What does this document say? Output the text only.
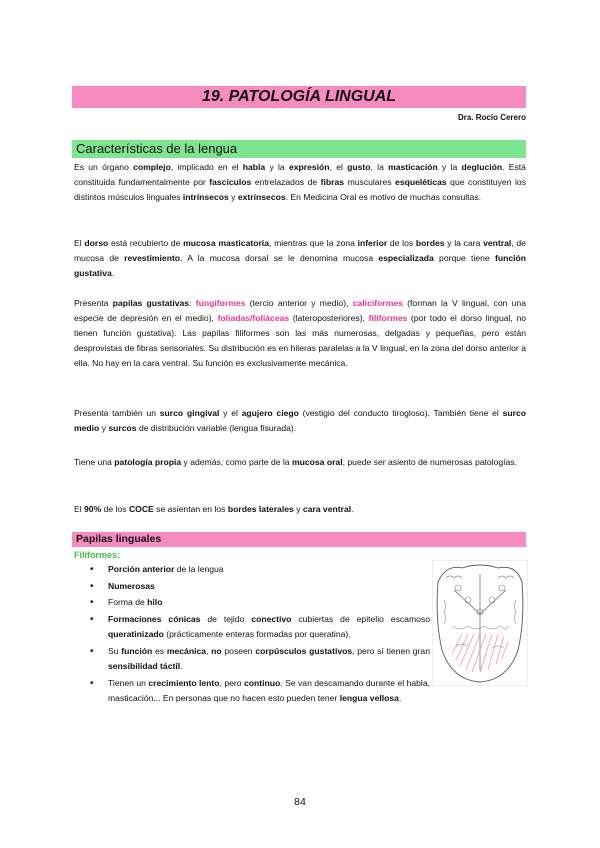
19. PATOLOGÍA LINGUAL
Dra. Rocío Cerero
Características de la lengua
Es un órgano complejo, implicado en el habla y la expresión, el gusto, la masticación y la deglución. Está constituida fundamentalmente por fascículos entrelazados de fibras musculares esqueléticas que constituyen los distintos músculos linguales intrínsecos y extrínsecos. En Medicina Oral es motivo de muchas consultas.
El dorso está recubierto de mucosa masticatoria, mientras que la zona inferior de los bordes y la cara ventral, de mucosa de revestimiento. A la mucosa dorsal se le denomina mucosa especializada porque tiene función gustativa.
Presenta papilas gustativas: fungiformes (tercio anterior y medio), caliciformes (forman la V lingual, con una especie de depresión en el medio), foliadas/foliáceas (lateroposteriores), filiformes (por todo el dorso lingual, no tienen función gustativa). Las papilas filiformes son las más numerosas, delgadas y pequeñas, pero están desprovistas de fibras sensoriales. Su distribución es en hileras paralelas a la V lingual, en la zona del dorso anterior a ella. No hay en la cara ventral. Su función es exclusivamente mecánica.
Presenta también un surco gingival y el agujero ciego (vestigio del conducto tirogloso). También tiene el surco medio y surcos de distribución variable (lengua fisurada).
Tiene una patología propia y además, como parte de la mucosa oral, puede ser asiento de numerosas patologías.
El 90% de los COCE se asientan en los bordes laterales y cara ventral.
Papilas linguales
Filiformes:
• Porción anterior de la lengua
• Numerosas
• Forma de hilo
• Formaciones cónicas de tejido conectivo cubiertas de epitelio escamoso queratinizado (prácticamente enteras formadas por queratina).
• Su función es mecánica, no poseen corpúsculos gustativos, pero sí tienen gran sensibilidad táctil.
• Tienen un crecimiento lento, pero continuo. Se van descamando durante el habla, masticación... En personas que no hacen esto pueden tener lengua vellosa.
84
